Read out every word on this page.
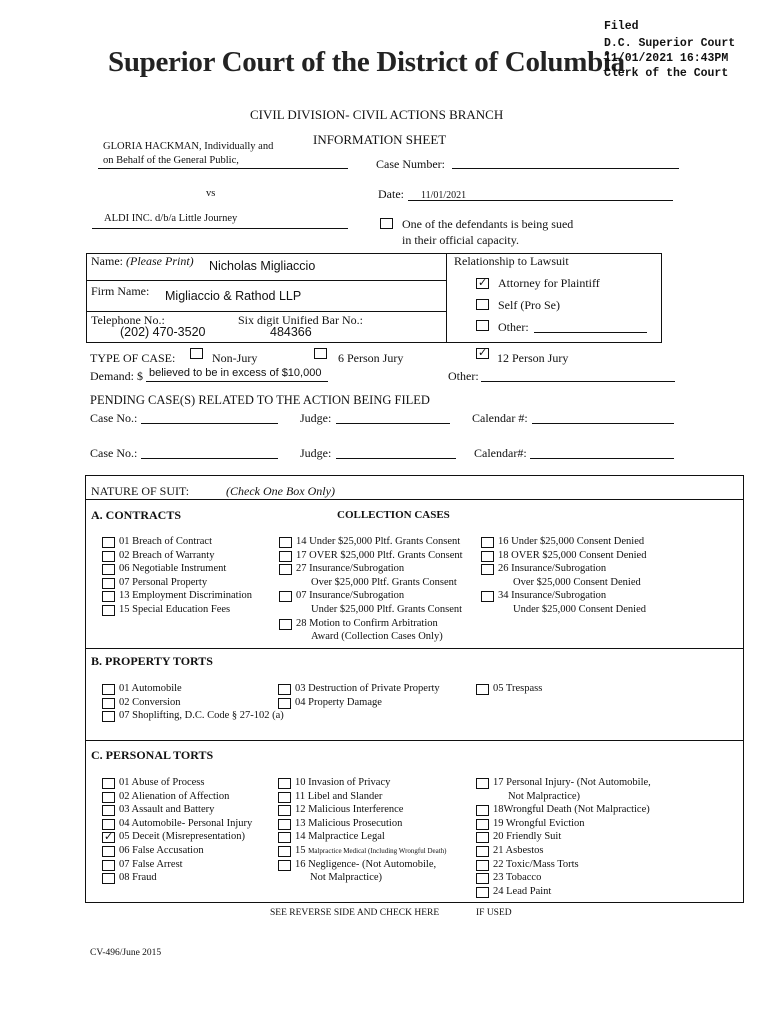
Filed
D.C. Superior Court
11/01/2021 16:43PM
Clerk of the Court
Superior Court of the District of Columbia
CIVIL DIVISION- CIVIL ACTIONS BRANCH
INFORMATION SHEET
GLORIA HACKMAN, Individually and
on Behalf of the General Public,
vs
ALDI INC. d/b/a Little Journey
Case Number:
Date: 11/01/2021
One of the defendants is being sued
in their official capacity.
Name: (Please Print) Nicholas Migliaccio
Firm Name: Migliaccio & Rathod LLP
Telephone No.:
(202) 470-3520
Six digit Unified Bar No.:
484366
Relationship to Lawsuit
✓
Attorney for Plaintiff
Self (Pro Se)
Other:
TYPE OF CASE:	Non-Jury	6 Person Jury
✓	12 Person Jury
Demand: $ believed to be in excess of $10,000	Other:
PENDING CASE(S) RELATED TO THE ACTION BEING FILED
Case No.:	Judge:	Calendar #:
Case No.:	Judge:	Calendar#:
NATURE OF SUIT:	(Check One Box Only)
A. CONTRACTS	COLLECTION CASES
01 Breach of Contract
02 Breach of Warranty
06 Negotiable Instrument
07 Personal Property
13 Employment Discrimination
15 Special Education Fees
14 Under $25,000 Pltf. Grants Consent
17 OVER $25,000 Pltf. Grants Consent
27 Insurance/Subrogation
Over $25,000 Pltf. Grants Consent
07 Insurance/Subrogation
Under $25,000 Pltf. Grants Consent
28 Motion to Confirm Arbitration
Award (Collection Cases Only)
16 Under $25,000 Consent Denied
18 OVER $25,000 Consent Denied
26 Insurance/Subrogation
Over $25,000 Consent Denied
34 Insurance/Subrogation
Under $25,000 Consent Denied
B. PROPERTY TORTS
01 Automobile
02 Conversion
07 Shoplifting, D.C. Code § 27-102 (a)
03 Destruction of Private Property
04 Property Damage
05 Trespass
C. PERSONAL TORTS
01 Abuse of Process
02 Alienation of Affection
03 Assault and Battery
04 Automobile- Personal Injury
✓
05 Deceit (Misrepresentation)
06 False Accusation
07 False Arrest
08 Fraud
10 Invasion of Privacy
11 Libel and Slander
12 Malicious Interference
13 Malicious Prosecution
14 Malpractice Legal
15 Malpractice Medical (Including Wrongful Death)
16 Negligence- (Not Automobile,
Not Malpractice)
17 Personal Injury- (Not Automobile,
Not Malpractice)
18Wrongful Death (Not Malpractice)
19 Wrongful Eviction
20 Friendly Suit
21 Asbestos
22 Toxic/Mass Torts
23 Tobacco
24 Lead Paint
SEE REVERSE SIDE AND CHECK HERE	IF USED
CV-496/June 2015
